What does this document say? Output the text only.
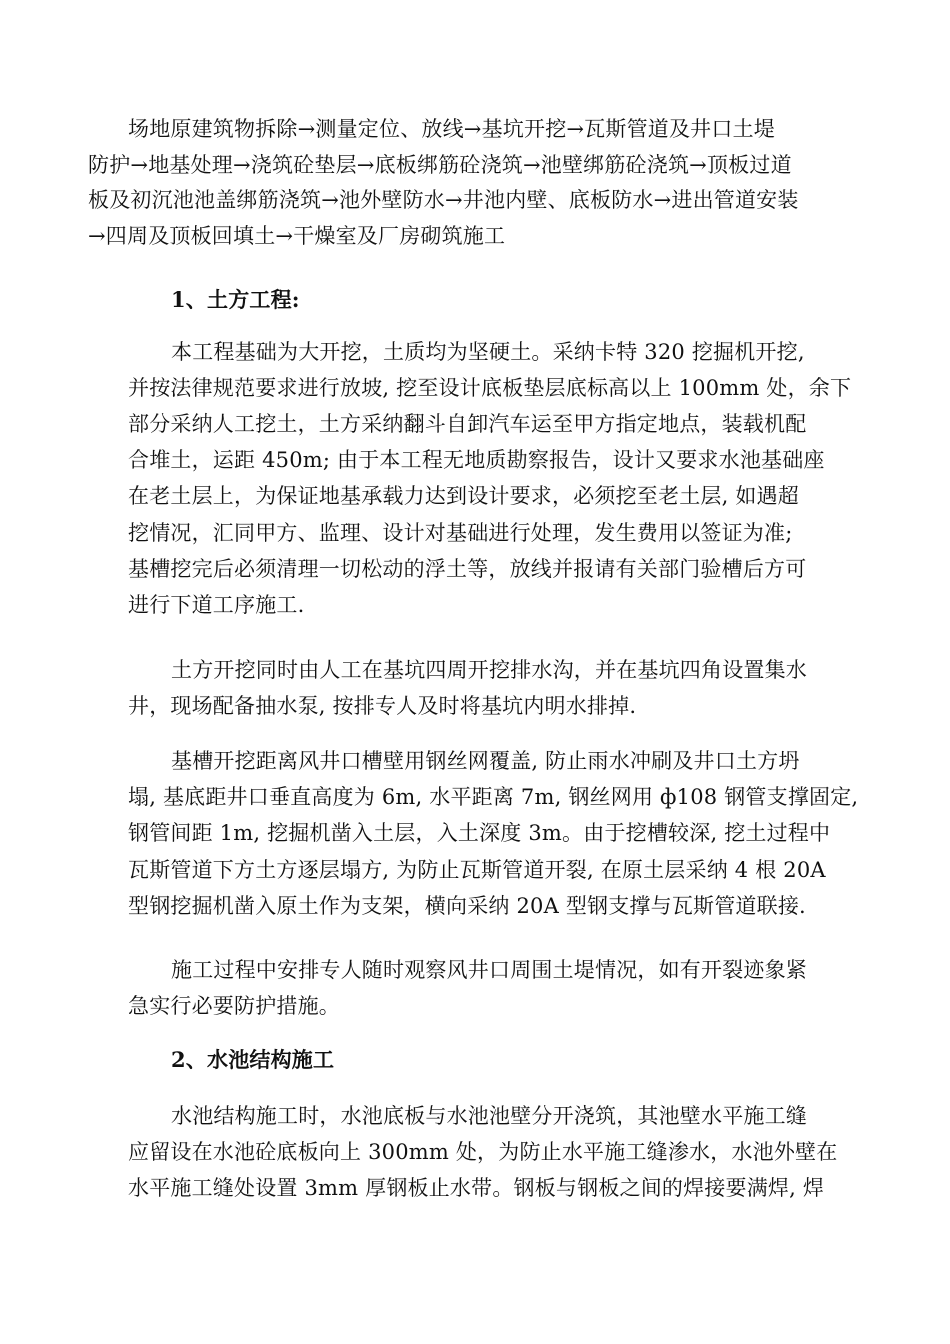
场地原建筑物拆除→测量定位、放线→基坑开挖→瓦斯管道及井口土堤
防护→地基处理→浇筑砼垫层→底板绑筋砼浇筑→池壁绑筋砼浇筑→顶板过道
板及初沉池池盖绑筋浇筑→池外壁防水→井池内壁、底板防水→进出管道安装
→四周及顶板回填土→干燥室及厂房砌筑施工
1、土方工程:
本工程基础为大开挖，土质均为坚硬土。采纳卡特 320 挖掘机开挖,
并按法律规范要求进行放坡, 挖至设计底板垫层底标高以上 100mm 处，余下
部分采纳人工挖土，土方采纳翻斗自卸汽车运至甲方指定地点，装载机配
合堆土，运距 450m; 由于本工程无地质勘察报告，设计又要求水池基础座
在老土层上，为保证地基承载力达到设计要求，必须挖至老土层, 如遇超
挖情况，汇同甲方、监理、设计对基础进行处理，发生费用以签证为准;
基槽挖完后必须清理一切松动的浮土等，放线并报请有关部门验槽后方可
进行下道工序施工.
土方开挖同时由人工在基坑四周开挖排水沟，并在基坑四角设置集水
井，现场配备抽水泵, 按排专人及时将基坑内明水排掉.
基槽开挖距离风井口槽壁用钢丝网覆盖, 防止雨水冲刷及井口土方坍
塌, 基底距井口垂直高度为 6m, 水平距离 7m, 钢丝网用 ф108 钢管支撑固定,
钢管间距 1m, 挖掘机凿入土层，入土深度 3m。由于挖槽较深, 挖土过程中
瓦斯管道下方土方逐层塌方, 为防止瓦斯管道开裂, 在原土层采纳 4 根 20A
型钢挖掘机凿入原土作为支架，横向采纳 20A 型钢支撑与瓦斯管道联接.
施工过程中安排专人随时观察风井口周围土堤情况，如有开裂迹象紧
急实行必要防护措施。
2、水池结构施工
水池结构施工时，水池底板与水池池壁分开浇筑，其池壁水平施工缝
应留设在水池砼底板向上 300mm 处，为防止水平施工缝渗水，水池外壁在
水平施工缝处设置 3mm 厚钢板止水带。钢板与钢板之间的焊接要满焊, 焊
